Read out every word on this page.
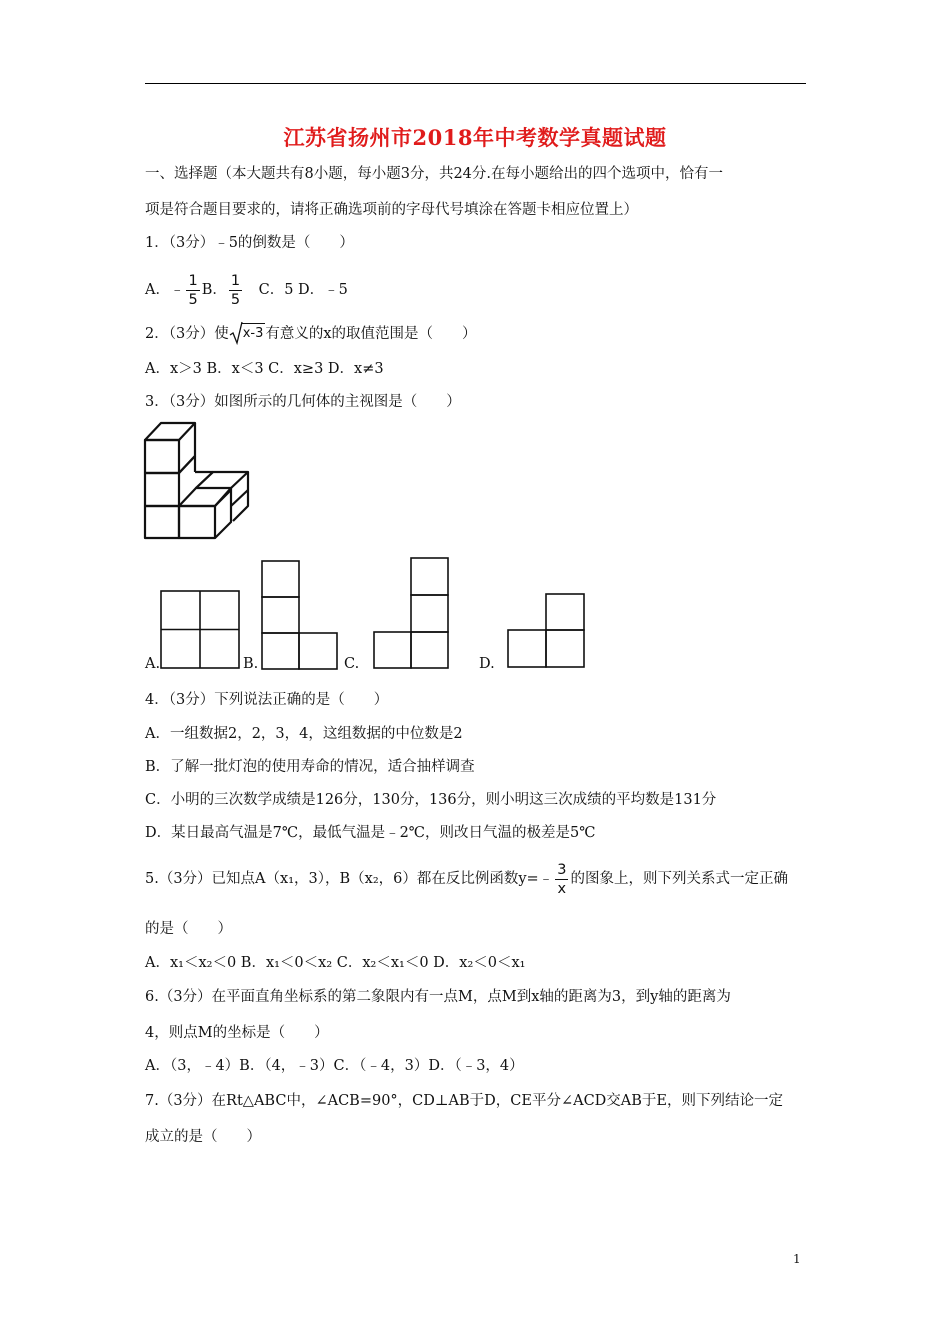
江苏省扬州市2018年中考数学真题试题
一、选择题（本大题共有8小题，每小题3分，共24分.在每小题给出的四个选项中，恰有一
项是符合题目要求的，请将正确选项前的字母代号填涂在答题卡相应位置上）
1．（3分）﹣5的倒数是（　　）
A．﹣ $\frac{1}{5}$ B． $\frac{1}{5}$ 　C．5 D．﹣5
2．（3分）使	x-3 有意义的x的取值范围是（　　）
A．x＞3 B．x＜3 C．x≥3 D．x≠3
3．（3分）如图所示的几何体的主视图是（　　）
A.	B.	C.	D.
4．（3分）下列说法正确的是（　　）
A．一组数据2，2，3，4，这组数据的中位数是2
B．了解一批灯泡的使用寿命的情况，适合抽样调查
C．小明的三次数学成绩是126分，130分，136分，则小明这三次成绩的平均数是131分
D．某日最高气温是7℃，最低气温是﹣2℃，则改日气温的极差是5℃
5.（3分）已知点A（x₁，3），B（x₂，6）都在反比例函数y=﹣ $\frac{3}{x}$ 的图象上，则下列关系式一定正确
的是（　　）
A．x₁＜x₂＜0 B．x₁＜0＜x₂ C．x₂＜x₁＜0 D．x₂＜0＜x₁
6.（3分）在平面直角坐标系的第二象限内有一点M，点M到x轴的距离为3，到y轴的距离为
4，则点M的坐标是（　　）
A．（3，﹣4）B．（4，﹣3）C．（﹣4，3）D．（﹣3，4）
7.（3分）在Rt△ABC中，∠ACB=90°，CD⊥AB于D，CE平分∠ACD交AB于E，则下列结论一定
成立的是（　　）
1
